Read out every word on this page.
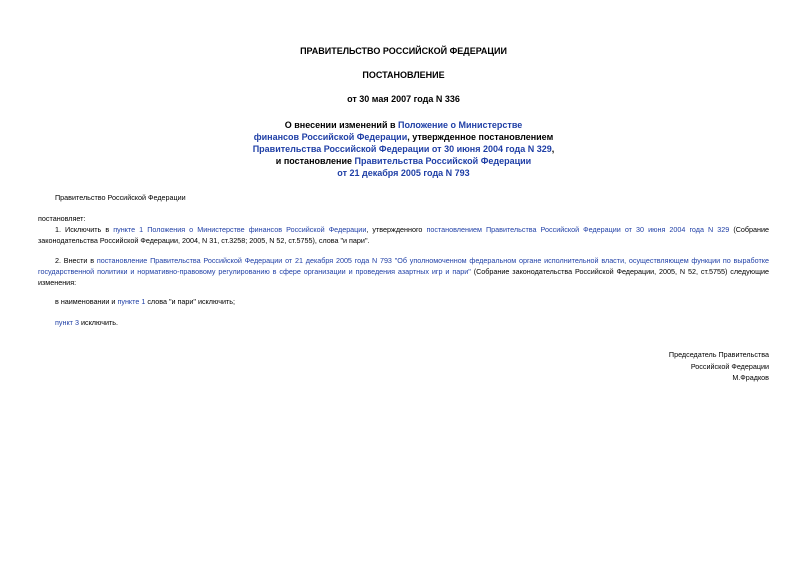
ПРАВИТЕЛЬСТВО РОССИЙСКОЙ ФЕДЕРАЦИИ
ПОСТАНОВЛЕНИЕ
от 30 мая 2007 года N 336
О внесении изменений в Положение о Министерстве
финансов Российской Федерации, утвержденное постановлением
Правительства Российской Федерации от 30 июня 2004 года N 329,
и постановление Правительства Российской Федерации
от 21 декабря 2005 года N 793
Правительство Российской Федерации
постановляет:
1. Исключить в пункте 1 Положения о Министерстве финансов Российской Федерации, утвержденного постановлением Правительства Российской Федерации от 30 июня 2004 года N 329 (Собрание законодательства Российской Федерации, 2004, N 31, ст.3258; 2005, N 52, ст.5755), слова "и пари".
2. Внести в постановление Правительства Российской Федерации от 21 декабря 2005 года N 793 "Об уполномоченном федеральном органе исполнительной власти, осуществляющем функции по выработке государственной политики и нормативно-правовому регулированию в сфере организации и проведения азартных игр и пари" (Собрание законодательства Российской Федерации, 2005, N 52, ст.5755) следующие изменения:
в наименовании и пункте 1 слова "и пари" исключить;
пункт 3 исключить.
Председатель Правительства
Российской Федерации
М.Фрадков
